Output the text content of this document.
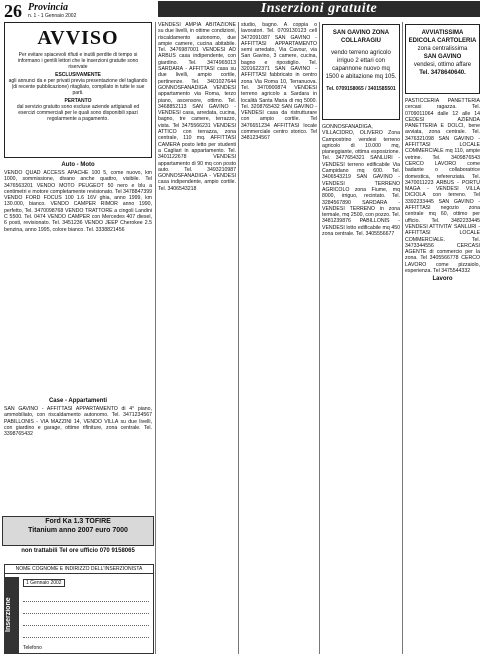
26 Provincia
n. 1 - 1 Gennaio 2002	Inserzioni gratuite
AVVISO
Per evitare spiacevoli rifiuti e inutili perdite di tempo si informano i gentili lettori che le inserzioni gratuite sono riservate
ESCLUSIVAMENTE
agli annunci da e per privati previa presentazione del tagliando (di recente pubblicazione) ritagliato, compilato in tutte le sue parti.
PERTANTO
dal servizio gratuito sono escluse aziende artigianali ed esercizi commerciali per le quali sono disponibili spazi regolarmente a pagamento.
Auto - Moto
VENDO QUAD ACCESS APACHE 100 5, come nuovo, km 1000, sommissione, divano anche quattro, visibile. Tel 3476563201 VENDO MOTO PEUGEOT 50 nero e blu a centimetri e motore completamente revisionato. Tel 3478847399 VENDO FORD FOCUS 100 1.6 16V ghia, anno 1999, km 130.000, bianco. VENDO CAMPER RIMOR anno 1990, perfetto, Tel. 3470098768 VENDO TRATTORE a cingoli Landini C 5500. Tel. 0474 VENDO CAMPER con Mercedes 407 diesel, 6 posti, revisionato. Tel. 3451236 VENDO JEEP Cherokee 2.5 benzina, anno 1995, colore bianco. Tel. 3338821456
Case - Appartamenti
SAN GAVINO - AFFITTASI APPARTAMENTO di 4° piano, ammobiliato, con riscaldamento autonomo. Tel. 3471234567 PABILLONIS - VIA MAZZINI 14, VENDO VILLA su due livelli, con giardino e garage, ottime rifiniture, zona centrale. Tel. 3398765432
Ford Ka 1.3 TOFIRE
Titanium anno 2007 euro 7000
non trattabili Tel ore ufficio 070 9158065
NOME COGNOME E INDIRIZZO DELL'INSERZIONISTA
Inserzione
1 Gennaio 2002
Telefono
VENDESI AMPIA ABITAZIONE su due livelli, in ottime condizioni, riscaldamento autonomo, due ampie camere, cucina abitabile. Tel. 3476987001 VENDESI AD ARBUS casa indipendente, con giardino. Tel. 3474965013 SARDARA - AFFITTASI casa su due livelli, ampio cortile, pertinenze. Tel. 3401027644 GONNOSFANADIGA VENDESI appartamento via Roma, terzo piano, ascensore, ottimo. Tel. 3468852113 SAN GAVINO - VENDESI casa, arredata, cucina, bagno, tre camere, terrazzo, vista. Tel 3475566231 VENDESI ATTICO con terrazza, zona centrale, 110 mq. AFFITTASI CAMERA posto letto per studenti a Cagliari in appartamento. Tel. 3401122678 VENDESI appartamento di 90 mq con posto auto. Tel. 3493210987 GONNOSFANADIGA - VENDESI casa indipendente, ampio cortile. Tel. 3406543218
studio, bagno. A coppia o lavoratori. Tel. 0709130123 cell 3472091087 SAN GAVINO - AFFITTASI APPARTAMENTO semi arredato, Via Cavour, via San Gavino, 3 camere, cucina, bagno e ripostiglio. Tel. 3201622371 SAN GAVINO - AFFITTASI fabbricato in centro zona Via Roma 10, Terranuova. Tel. 3470900874 VENDESI terreno agricolo a Sardara in località Santa Maria di mq 5000. Tel. 3208765432 SAN GAVINO - VENDESI casa da ristrutturare con ampio cortile. Tel 3476651234 AFFITTASI locale commerciale centro storico. Tel 3481234567
SAN GAVINO ZONA COLLARAGIU
vendo terreno agricolo irriguo 2 ettari con capannone nuovo mq 1500 e abitazione mq 105.
Tel. 0709158065 / 3401585501
GONNOSFANADIGA, VILLACIDRO, OLIVERO Zona Campostrino vendesi terreno agricolo di 10.000 mq, pianeggiante, ottima esposizione. Tel. 3477654321 SANLURI - VENDESI terreno edificabile Via Campidano mq 600. Tel. 3406543219 SAN GAVINO - VENDESI TERRENO AGRICOLO zona Fiume, mq 8000, irriguo, recintato. Tel. 3284567890 SARDARA - VENDESI TERRENO in zona termale, mq 2500, con pozzo. Tel. 3481239876 PABILLONIS - VENDESI lotto edificabile mq 450 zona centrale. Tel. 3405556677
AVVIATISSIMA EDICOLA CARTOLERIA
zona centralissima
SAN GAVINO
vendesi, ottimo affare
Tel. 3478640640.
PASTICCERIA PANETTERIA cercasi ragazza. Tel. 0709011064 dalle 12 alle 14 CEDESI AZIENDA PANETTERIA E DOLCI, bene avviata, zona centrale. Tel. 3476321098 SAN GAVINO - AFFITTASI LOCALE COMMERCIALE mq 110, ampie vetrine. Tel. 3409876543 CERCO LAVORO come badante o collaboratrice domestica, referenziata. Tel. 3470011223 ARBUS - PORTU MAGA - VENDESI VILLA DICIOLA con terreno. Tel 3392233445 SAN GAVINO - AFFITTASI negozio zona centrale mq 60, ottimo per ufficio. Tel. 3482233445 VENDESI ATTIVITA' SANLURI - AFFITTASI LOCALE COMMERCIALE. Tel. 3473344556 CERCASI AGENTE di commercio per la zona. Tel 3405566778 CERCO LAVORO come pizzaiolo, esperienza. Tel 3475544332
Lavoro
